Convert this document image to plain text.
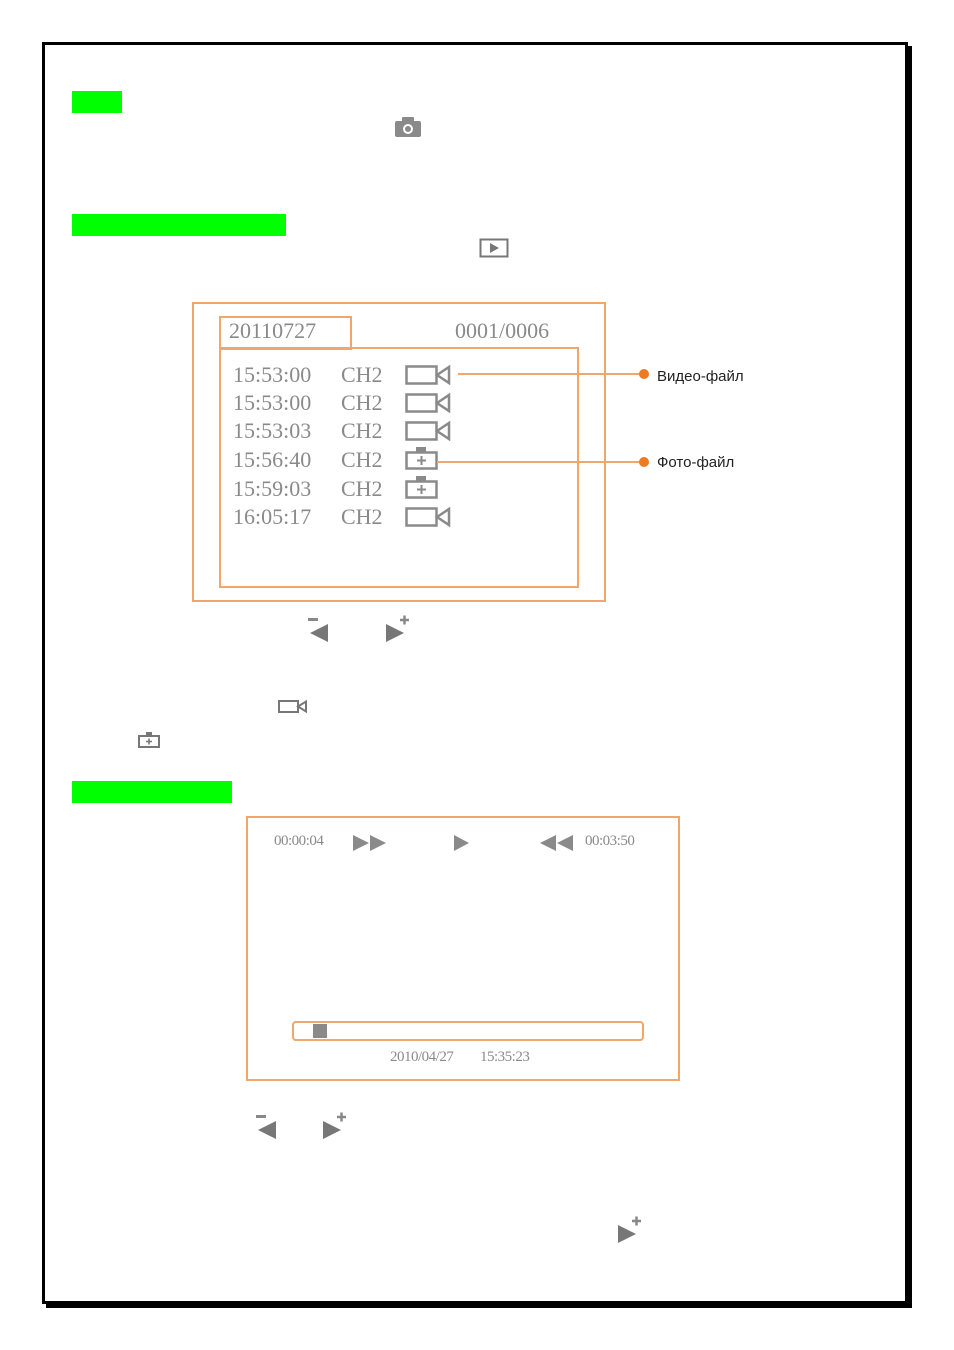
20110727	0001/0006
15:53:00 CH2
15:53:00 CH2
15:53:03 CH2
15:56:40 CH2
15:59:03 CH2
16:05:17 CH2
Видео-файл
Фото-файл
00:00:04	00:03:50
2010/04/27 15:35:23
